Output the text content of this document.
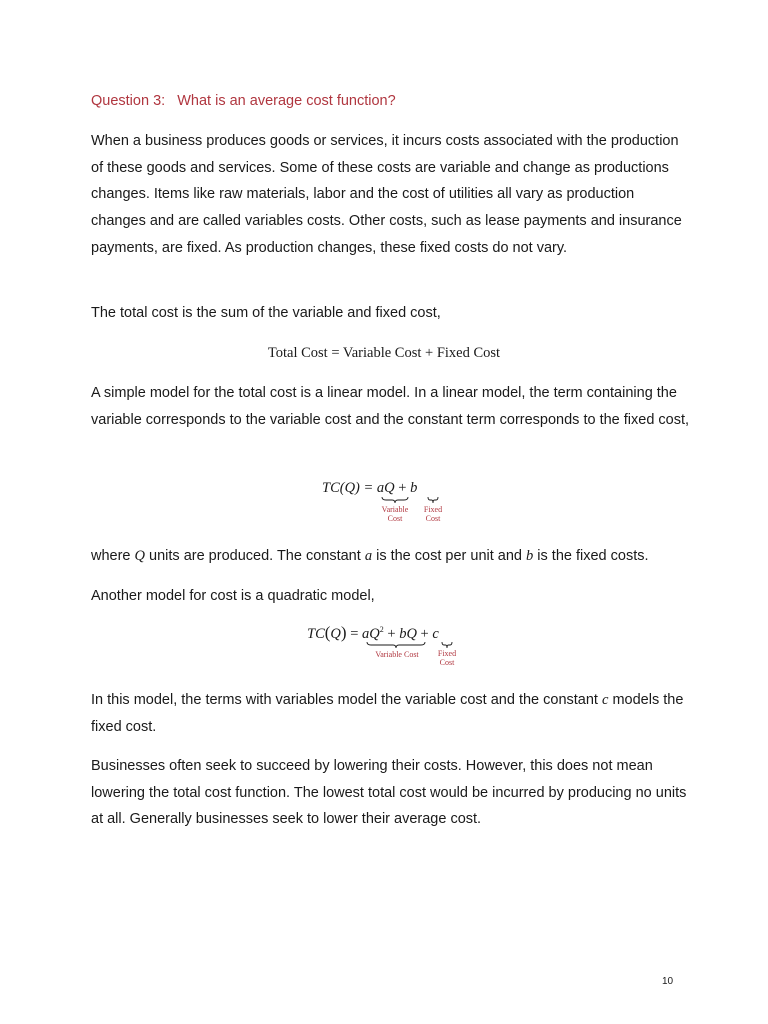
Question 3:   What is an average cost function?

When a business produces goods or services, it incurs costs associated with the production of these goods and services. Some of these costs are variable and change as productions changes. Items like raw materials, labor and the cost of utilities all vary as production changes and are called variables costs. Other costs, such as lease payments and insurance payments, are fixed. As production changes, these fixed costs do not vary.

The total cost is the sum of the variable and fixed cost,

Total Cost = Variable Cost + Fixed Cost

A simple model for the total cost is a linear model. In a linear model, the term containing the variable corresponds to the variable cost and the constant term corresponds to the fixed cost,

TC(Q) = aQ + b
Variable
Cost
Fixed
Cost

where Q units are produced. The constant a is the cost per unit and b is the fixed costs.

Another model for cost is a quadratic model,

$TC(Q) = aQ^2$ + bQ + c
Variable Cost	Fixed
Cost

In this model, the terms with variables model the variable cost and the constant c models the fixed cost.

Businesses often seek to succeed by lowering their costs. However, this does not mean lowering the total cost function. The lowest total cost would be incurred by producing no units at all. Generally businesses seek to lower their average cost.

10
